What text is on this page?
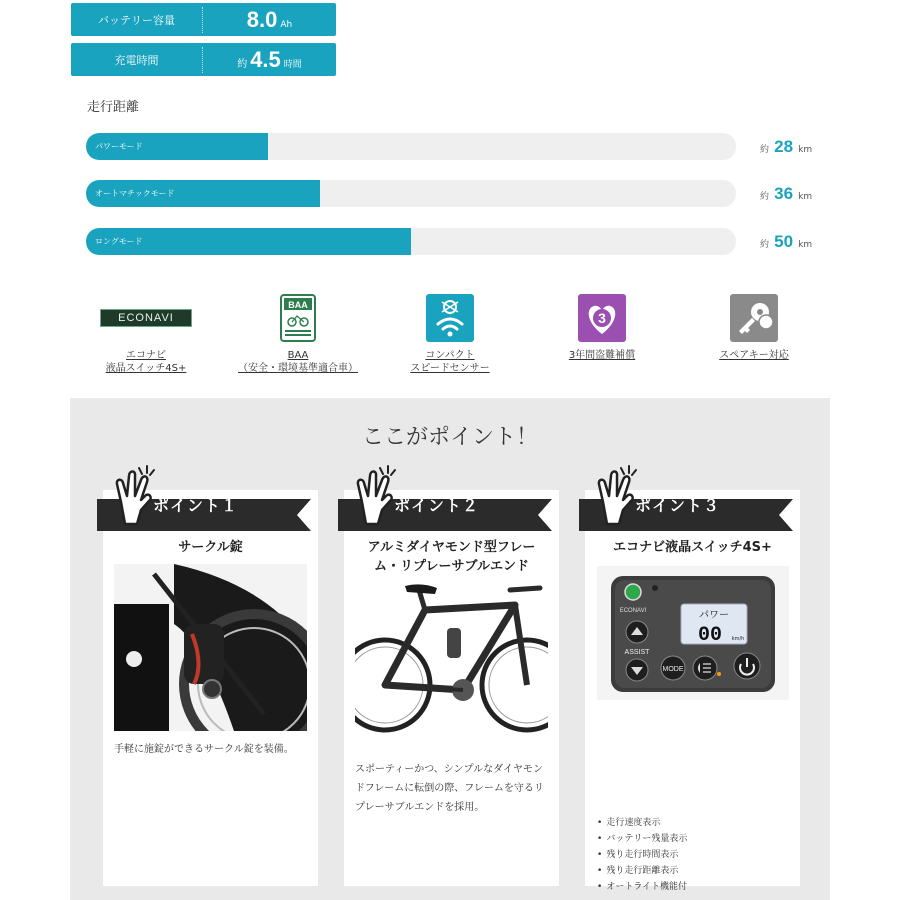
バッテリー容量	8.0 Ah
充電時間	約 4.5 時間
走行距離
パワーモード	約 28 km
オートマチックモード	約 36 km
ロングモード	約 50 km
ECONAVI
エコナビ
液晶スイッチ4S+
BAA
BAA
（安全・環境基準適合車）
コンパクト
スピードセンサー
3
3年間盗難補償	スペアキー対応
ここがポイント！
ポイント１
サークル錠
手軽に施錠ができるサークル錠を装備。
ポイント２
アルミダイヤモンド型フレーム・リプレーサブルエンド
スポーティーかつ、シンプルなダイヤモンドフレームに転倒の際、フレームを守るリプレーサブルエンドを採用。
ポイント３
エコナビ液晶スイッチ4S+
ECONAVI	パワー
00 km/h
ASSIST
MODE
• 走行速度表示
• バッテリー残量表示
• 残り走行時間表示
• 残り走行距離表示
• オートライト機能付
